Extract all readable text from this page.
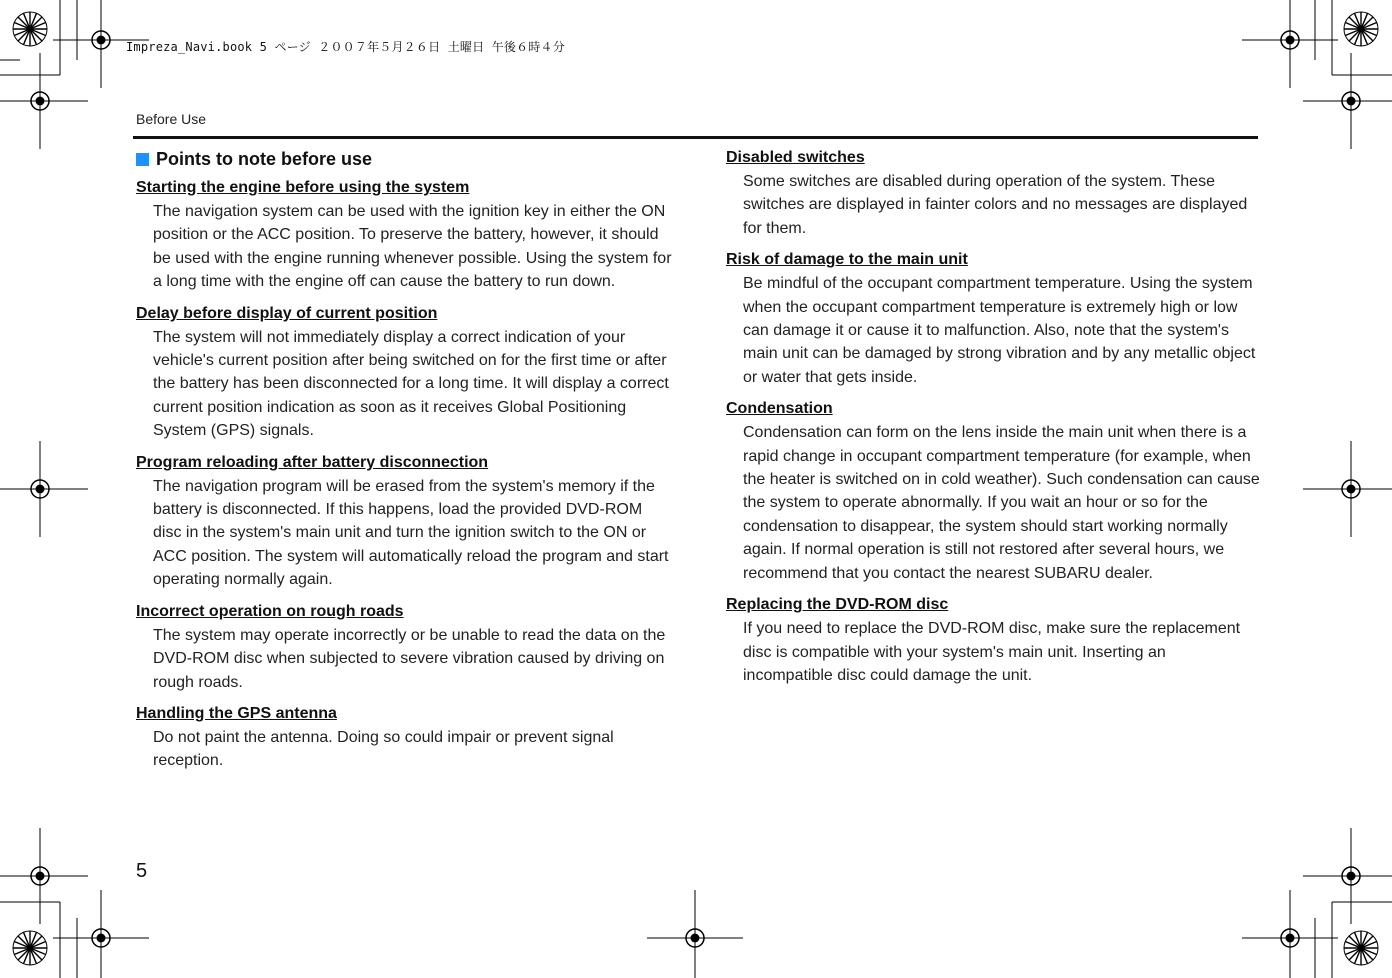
Impreza_Navi.book 5 ページ ２００７年５月２６日 土曜日 午後６時４分
Before Use
Points to note before use

Starting the engine before using the system

The navigation system can be used with the ignition key in either the ON position or the ACC position. To preserve the battery, however, it should be used with the engine running whenever possible. Using the system for a long time with the engine off can cause the battery to run down.

Delay before display of current position

The system will not immediately display a correct indication of your vehicle's current position after being switched on for the first time or after the battery has been disconnected for a long time. It will display a correct current position indication as soon as it receives Global Positioning System (GPS) signals.

Program reloading after battery disconnection

The navigation program will be erased from the system's memory if the battery is disconnected. If this happens, load the provided DVD-ROM disc in the system's main unit and turn the ignition switch to the ON or ACC position. The system will automatically reload the program and start operating normally again.

Incorrect operation on rough roads

The system may operate incorrectly or be unable to read the data on the DVD-ROM disc when subjected to severe vibration caused by driving on rough roads.

Handling the GPS antenna

Do not paint the antenna. Doing so could impair or prevent signal reception.

Disabled switches

Some switches are disabled during operation of the system. These switches are displayed in fainter colors and no messages are displayed for them.

Risk of damage to the main unit

Be mindful of the occupant compartment temperature. Using the system when the occupant compartment temperature is extremely high or low can damage it or cause it to malfunction. Also, note that the system's main unit can be damaged by strong vibration and by any metallic object or water that gets inside.

Condensation

Condensation can form on the lens inside the main unit when there is a rapid change in occupant compartment temperature (for example, when the heater is switched on in cold weather). Such condensation can cause the system to operate abnormally. If you wait an hour or so for the condensation to disappear, the system should start working normally again. If normal operation is still not restored after several hours, we recommend that you contact the nearest SUBARU dealer.

Replacing the DVD-ROM disc

If you need to replace the DVD-ROM disc, make sure the replacement disc is compatible with your system's main unit. Inserting an incompatible disc could damage the unit.

5
